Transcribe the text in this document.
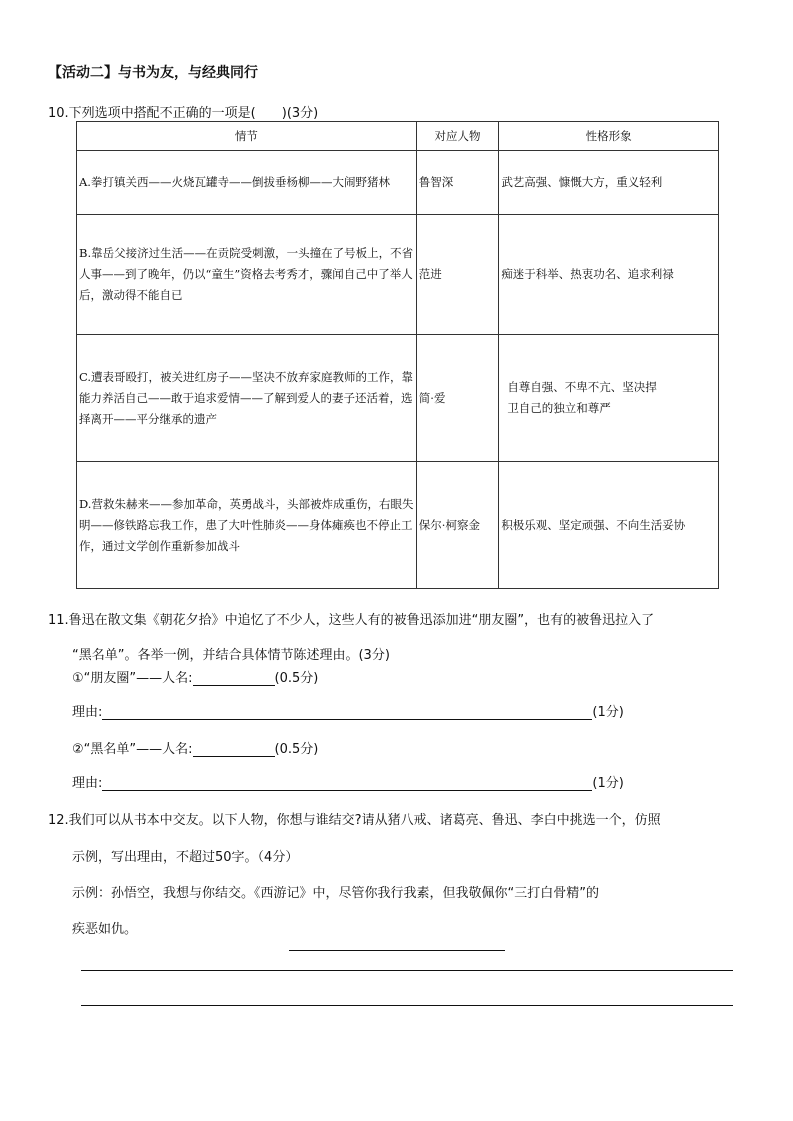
【活动二】与书为友，与经典同行
10.下列选项中搭配不正确的一项是(　　)(3分)
情节	对应人物	性格形象
A.拳打镇关西——火烧瓦罐寺——倒拔垂杨柳——大闹野猪林	鲁智深	武艺高强、慷慨大方，重义轻利
B.靠岳父接济过生活——在贡院受刺激，一头撞在了号板上，不省人事——到了晚年，仍以“童生”资格去考秀才，骤闻自己中了举人后，激动得不能自已	范进	痴迷于科举、热衷功名、追求利禄
C.遭表哥殴打，被关进红房子——坚决不放弃家庭教师的工作，靠能力养活自己——敢于追求爱情——了解到爱人的妻子还活着，选择离开——平分继承的遗产	简·爱	自尊自强、不卑不亢、坚决捍
卫自己的独立和尊严

D.营救朱赫来——参加革命，英勇战斗，头部被炸成重伤，右眼失明——修铁路忘我工作，患了大叶性肺炎——身体瘫痪也不停止工作，通过文学创作重新参加战斗	保尔·柯察金	积极乐观、坚定顽强、不向生活妥协
11.鲁迅在散文集《朝花夕拾》中追忆了不少人，这些人有的被鲁迅添加进“朋友圈”，也有的被鲁迅拉入了
“黑名单”。各举一例，并结合具体情节陈述理由。(3分)
①“朋友圈”——人名:	(0.5分)
理由:	(1分)
②“黑名单”——人名:	(0.5分)
理由:	(1分)
12.我们可以从书本中交友。以下人物，你想与谁结交?请从猪八戒、诸葛亮、鲁迅、李白中挑选一个，仿照
示例，写出理由，不超过50字。（4分）
示例：孙悟空，我想与你结交。《西游记》中，尽管你我行我素，但我敬佩你“三打白骨精”的
疾恶如仇。
